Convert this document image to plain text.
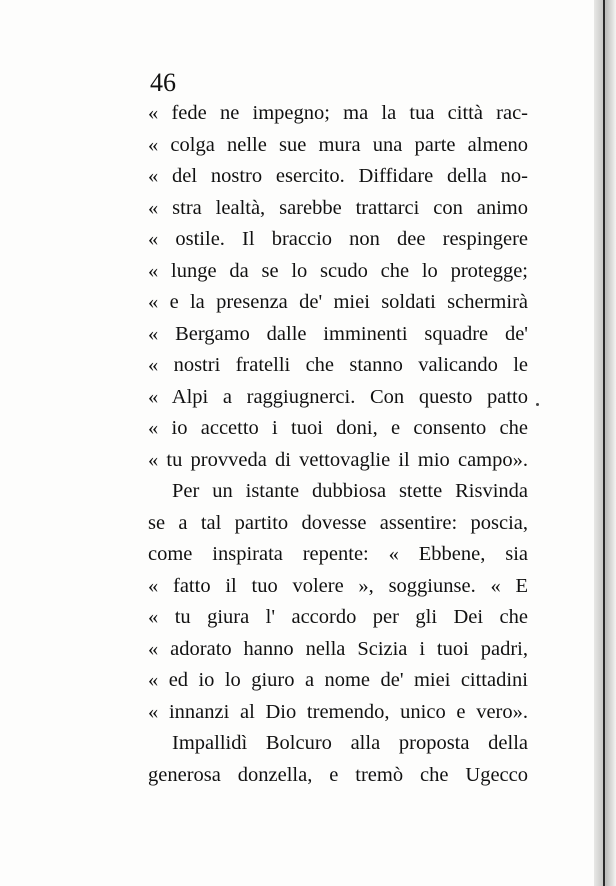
46
« fede ne impegno; ma la tua città rac-
« colga nelle sue mura una parte almeno
« del nostro esercito. Diffidare della no-
« stra lealtà, sarebbe trattarci con animo
« ostile. Il braccio non dee respingere
« lunge da se lo scudo che lo protegge;
« e la presenza de' miei soldati schermirà
« Bergamo dalle imminenti squadre de'
« nostri fratelli che stanno valicando le
« Alpi a raggiugnerci. Con questo patto
« io accetto i tuoi doni, e consento che
« tu provveda di vettovaglie il mio campo».
Per un istante dubbiosa stette Risvinda
se a tal partito dovesse assentire: poscia,
come inspirata repente: « Ebbene, sia
« fatto il tuo volere », soggiunse. « E
« tu giura l' accordo per gli Dei che
« adorato hanno nella Scizia i tuoi padri,
« ed io lo giuro a nome de' miei cittadini
« innanzi al Dio tremendo, unico e vero».
Impallidì Bolcuro alla proposta della
generosa donzella, e tremò che Ugecco
